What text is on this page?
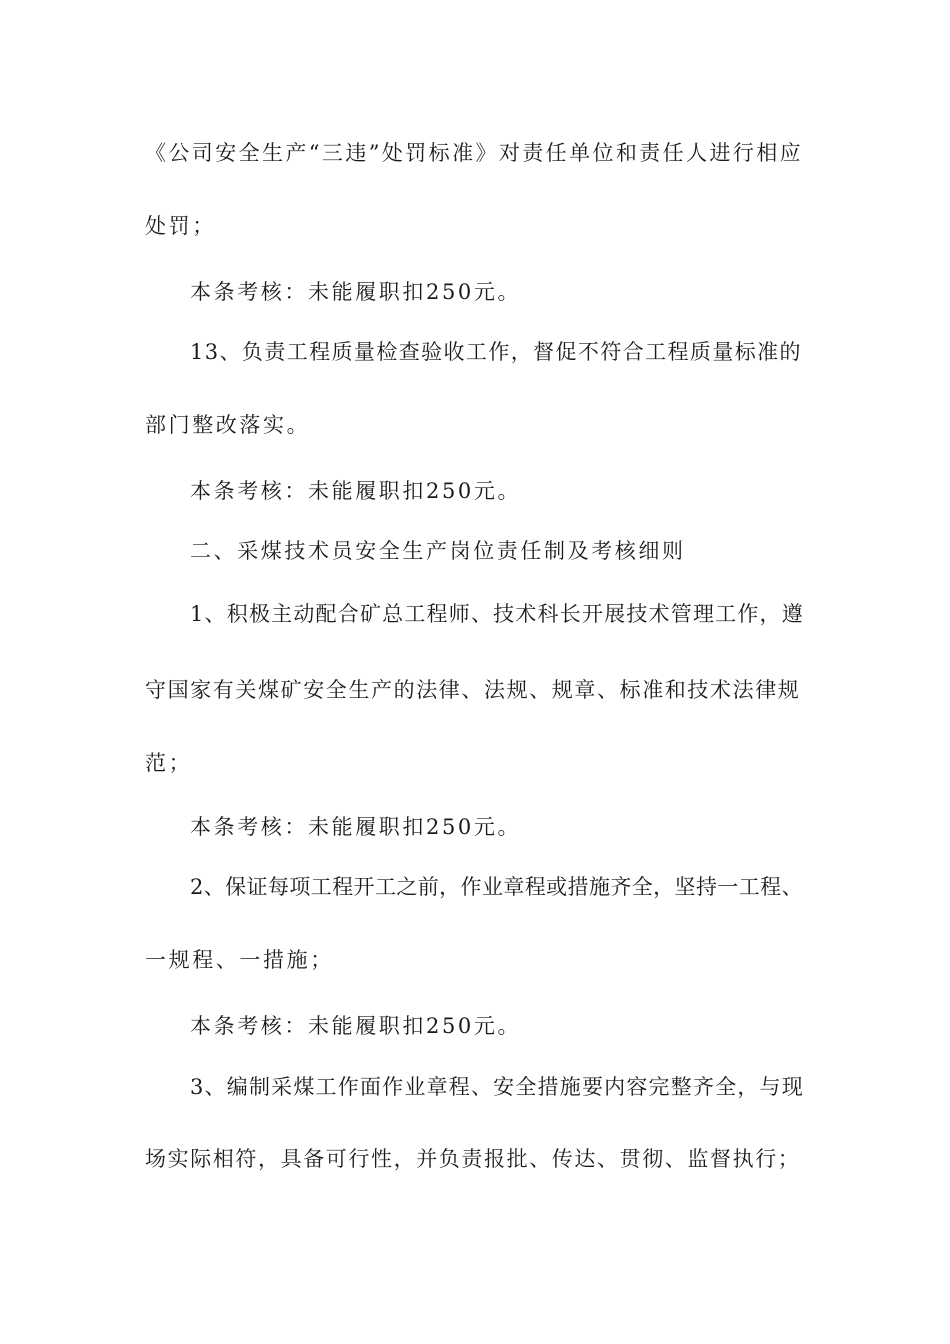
《公司安全生产“三违”处罚标准》对责任单位和责任人进行相应
处罚；
本条考核：未能履职扣250元。
13、负责工程质量检查验收工作，督促不符合工程质量标准的
部门整改落实。
本条考核：未能履职扣250元。
二、采煤技术员安全生产岗位责任制及考核细则
1、积极主动配合矿总工程师、技术科长开展技术管理工作，遵
守国家有关煤矿安全生产的法律、法规、规章、标准和技术法律规
范；
本条考核：未能履职扣250元。
2、保证每项工程开工之前，作业章程或措施齐全，坚持一工程、
一规程、一措施；
本条考核：未能履职扣250元。
3、编制采煤工作面作业章程、安全措施要内容完整齐全，与现
场实际相符，具备可行性，并负责报批、传达、贯彻、监督执行；
